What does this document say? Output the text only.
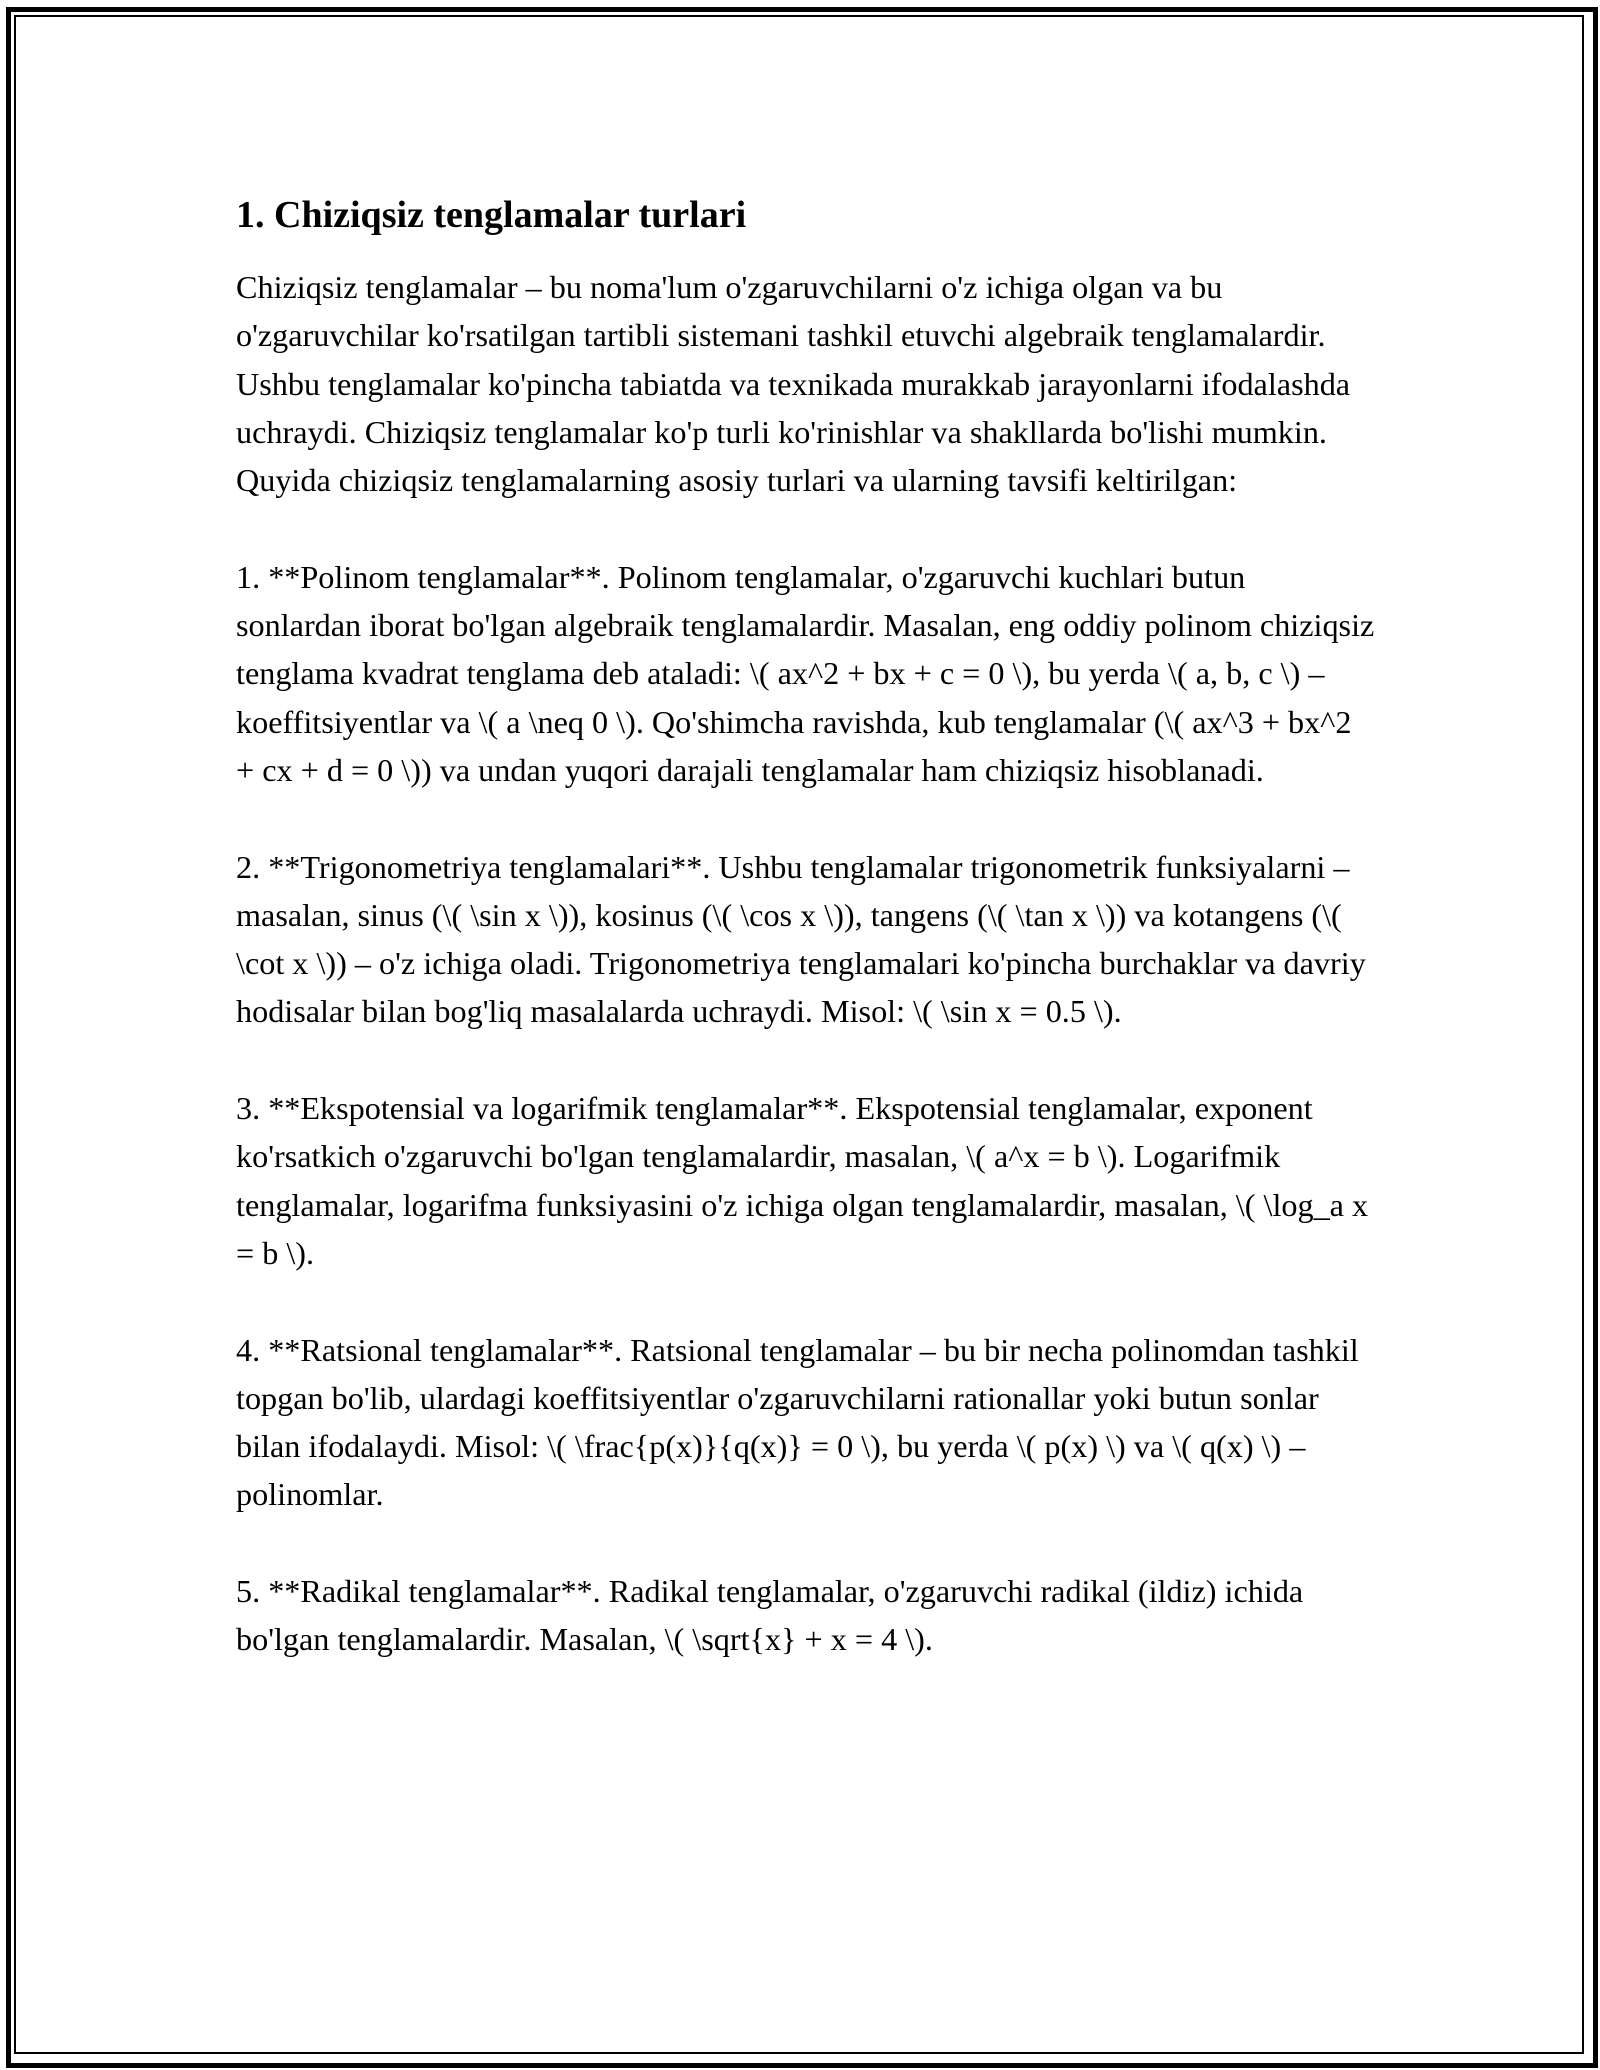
1. Chiziqsiz tenglamalar turlari

Chiziqsiz tenglamalar – bu noma'lum o'zgaruvchilarni o'z ichiga olgan va bu o'zgaruvchilar ko'rsatilgan tartibli sistemani tashkil etuvchi algebraik tenglamalardir. Ushbu tenglamalar ko'pincha tabiatda va texnikada murakkab jarayonlarni ifodalashda uchraydi. Chiziqsiz tenglamalar ko'p turli ko'rinishlar va shakllarda bo'lishi mumkin. Quyida chiziqsiz tenglamalarning asosiy turlari va ularning tavsifi keltirilgan:

1. **Polinom tenglamalar**. Polinom tenglamalar, o'zgaruvchi kuchlari butun sonlardan iborat bo'lgan algebraik tenglamalardir. Masalan, eng oddiy polinom chiziqsiz tenglama kvadrat tenglama deb ataladi: \( ax^2 + bx + c = 0 \), bu yerda \( a, b, c \) – koeffitsiyentlar va \( a \neq 0 \). Qo'shimcha ravishda, kub tenglamalar (\( ax^3 + bx^2 + cx + d = 0 \)) va undan yuqori darajali tenglamalar ham chiziqsiz hisoblanadi.

2. **Trigonometriya tenglamalari**. Ushbu tenglamalar trigonometrik funksiyalarni – masalan, sinus (\( \sin x \)), kosinus (\( \cos x \)), tangens (\( \tan x \)) va kotangens (\( \cot x \)) – o'z ichiga oladi. Trigonometriya tenglamalari ko'pincha burchaklar va davriy hodisalar bilan bog'liq masalalarda uchraydi. Misol: \( \sin x = 0.5 \).

3. **Ekspotensial va logarifmik tenglamalar**. Ekspotensial tenglamalar, exponent ko'rsatkich o'zgaruvchi bo'lgan tenglamalardir, masalan, \( a^x = b \). Logarifmik tenglamalar, logarifma funksiyasini o'z ichiga olgan tenglamalardir, masalan, \( \log_a x = b \).

4. **Ratsional tenglamalar**. Ratsional tenglamalar – bu bir necha polinomdan tashkil topgan bo'lib, ulardagi koeffitsiyentlar o'zgaruvchilarni rationallar yoki butun sonlar bilan ifodalaydi. Misol: \( \frac{p(x)}{q(x)} = 0 \), bu yerda \( p(x) \) va \( q(x) \) – polinomlar.

5. **Radikal tenglamalar**. Radikal tenglamalar, o'zgaruvchi radikal (ildiz) ichida bo'lgan tenglamalardir. Masalan, \( \sqrt{x} + x = 4 \).
